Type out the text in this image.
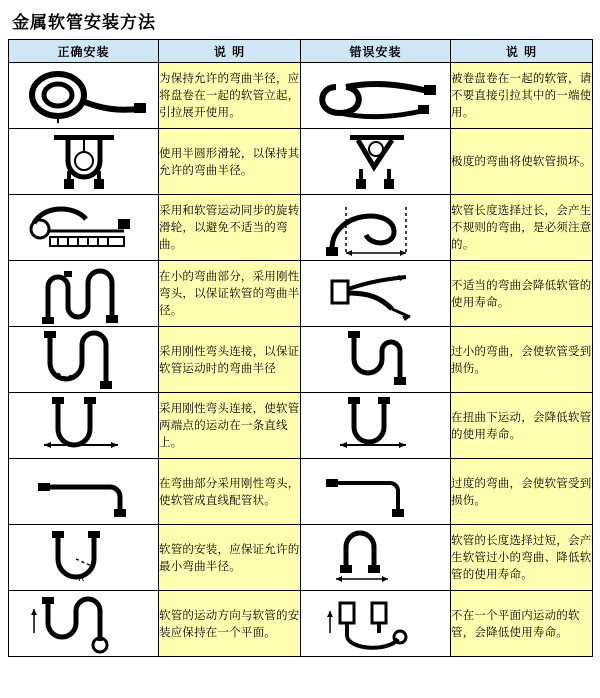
金属软管安装方法
正确安装	说 明	错误安装	说 明

	为保持允许的弯曲半径，应将盘卷在一起的软管立起，引拉展开使用。		被卷盘卷在一起的软管，请不要直接引拉其中的一端使用。

	使用半圆形滑轮，以保持其允许的弯曲半径。		极度的弯曲将使软管损坏。

	采用和软管运动同步的旋转滑轮，以避免不适当的弯曲。		软管长度选择过长，会产生不规则的弯曲，是必须注意的。

	在小的弯曲部分，采用刚性弯头，以保证软管的弯曲半径。		不适当的弯曲会降低软管的使用寿命。

	采用刚性弯头连接，以保证软管运动时的弯曲半径		过小的弯曲，会使软管受到损伤。

	采用刚性弯头连接，使软管两端点的运动在一条直线上。		在扭曲下运动，会降低软管的使用寿命。

	在弯曲部分采用刚性弯头，使软管成直线配管状。		过度的弯曲，会使软管受到损伤。

R	软管的安装，应保证允许的最小弯曲半径。		软管的长度选择过短，会产生软管过小的弯曲、降低软管的使用寿命。

	软管的运动方向与软管的安装应保持在一个平面。		不在一个平面内运动的软管，会降低使用寿命。
